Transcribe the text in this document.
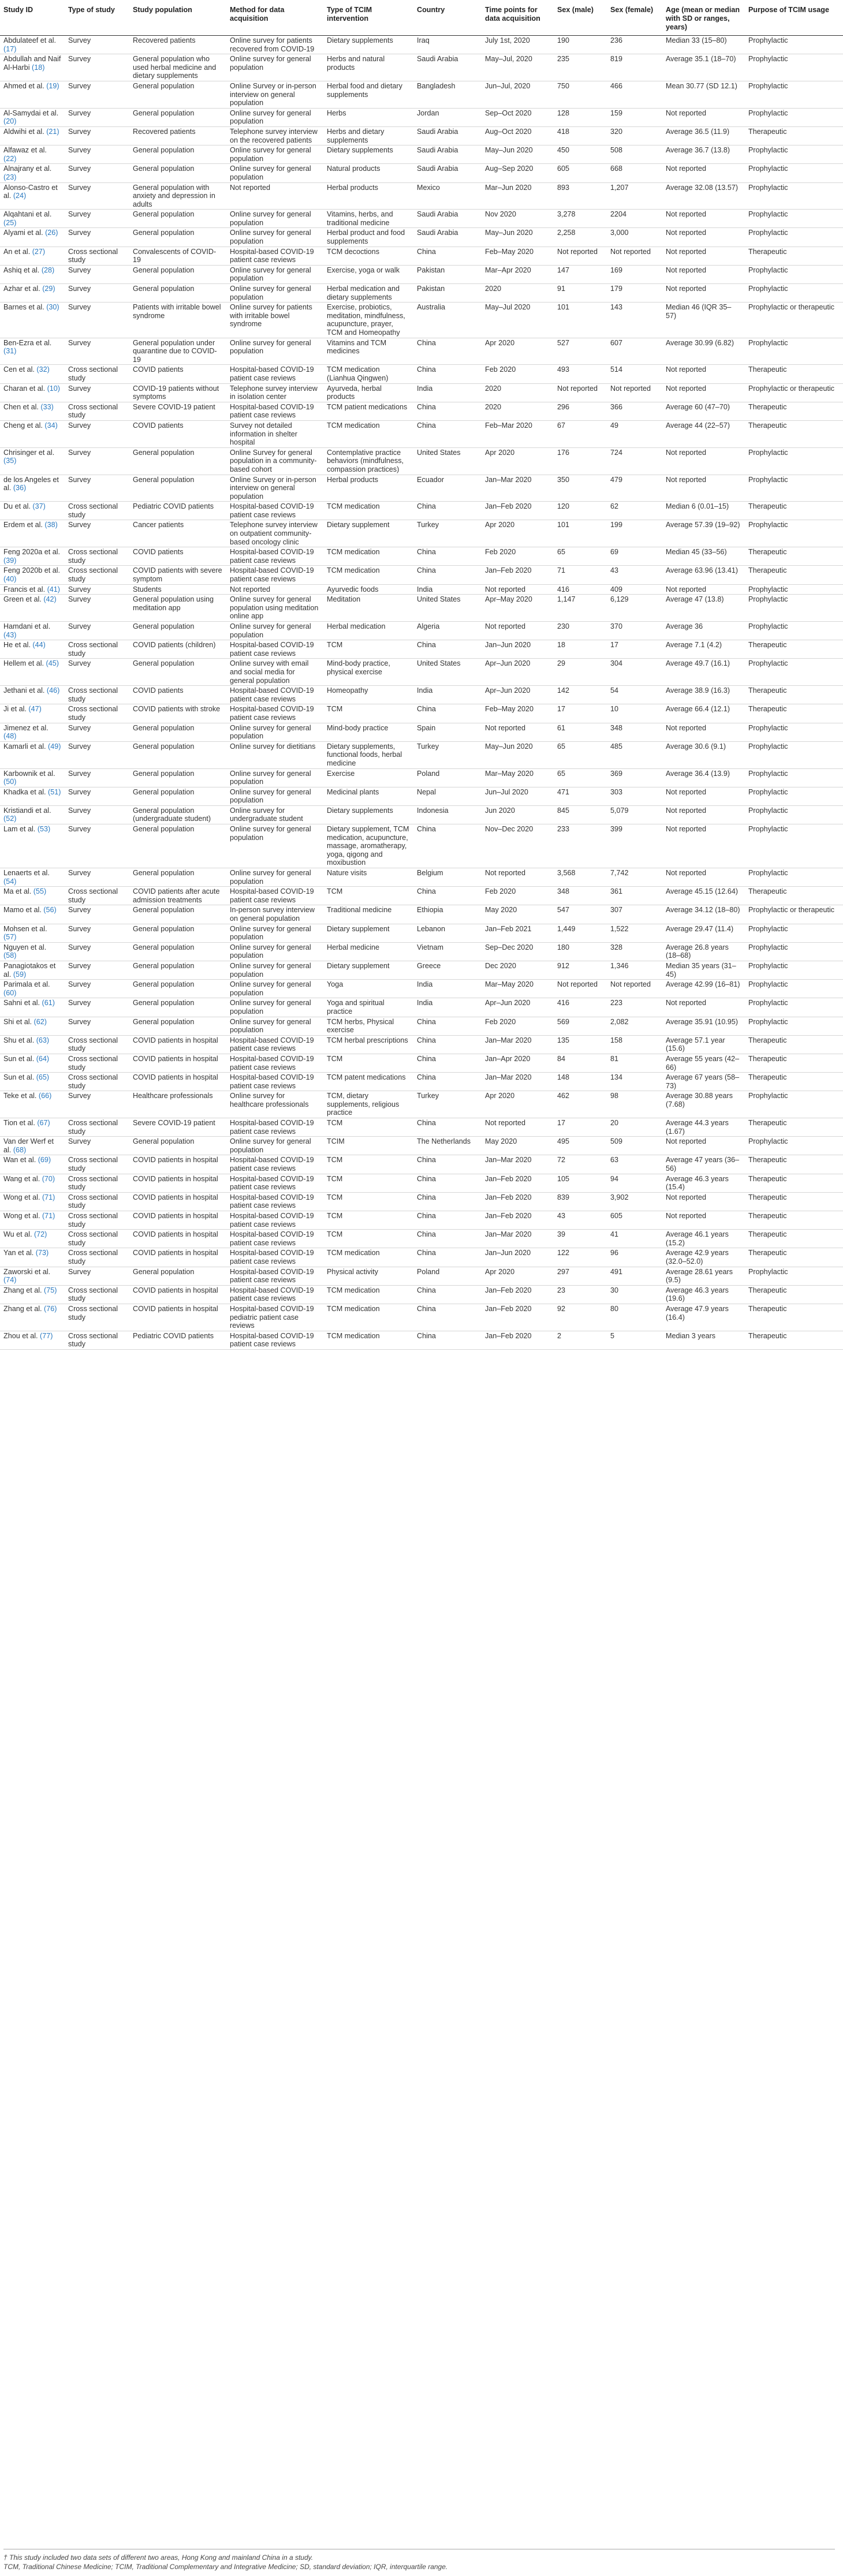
Study ID	Type of study	Study population	Method for data acquisition	Type of TCIM intervention	Country	Time points for data acquisition	Sex (male)	Sex (female)	Age (mean or median with SD or ranges, years)	Purpose of TCIM usage
Abdulateef et al. (17)	Survey	Recovered patients	Online survey for patients recovered from COVID-19	Dietary supplements	Iraq	July 1st, 2020	190	236	Median 33 (15–80)	Prophylactic
Abdullah and Naif Al-Harbi (18)	Survey	General population who used herbal medicine and dietary supplements	Online survey for general population	Herbs and natural products	Saudi Arabia	May–Jul, 2020	235	819	Average 35.1 (18–70)	Prophylactic
Ahmed et al. (19)	Survey	General population	Online Survey or in-person interview on general population	Herbal food and dietary supplements	Bangladesh	Jun–Jul, 2020	750	466	Mean 30.77 (SD 12.1)	Prophylactic
Al-Samydai et al. (20)	Survey	General population	Online survey for general population	Herbs	Jordan	Sep–Oct 2020	128	159	Not reported	Prophylactic
Aldwihi et al. (21)	Survey	Recovered patients	Telephone survey interview on the recovered patients	Herbs and dietary supplements	Saudi Arabia	Aug–Oct 2020	418	320	Average 36.5 (11.9)	Therapeutic
Alfawaz et al. (22)	Survey	General population	Online survey for general population	Dietary supplements	Saudi Arabia	May–Jun 2020	450	508	Average 36.7 (13.8)	Prophylactic
Alnajrany et al. (23)	Survey	General population	Online survey for general population	Natural products	Saudi Arabia	Aug–Sep 2020	605	668	Not reported	Prophylactic
Alonso-Castro et al. (24)	Survey	General population with anxiety and depression in adults	Not reported	Herbal products	Mexico	Mar–Jun 2020	893	1,207	Average 32.08 (13.57)	Prophylactic
Alqahtani et al. (25)	Survey	General population	Online survey for general population	Vitamins, herbs, and traditional medicine	Saudi Arabia	Nov 2020	3,278	2204	Not reported	Prophylactic
Alyami et al. (26)	Survey	General population	Online survey for general population	Herbal product and food supplements	Saudi Arabia	May–Jun 2020	2,258	3,000	Not reported	Prophylactic
An et al. (27)	Cross sectional study	Convalescents of COVID-19	Hospital-based COVID-19 patient case reviews	TCM decoctions	China	Feb–May 2020	Not reported	Not reported	Not reported	Therapeutic
Ashiq et al. (28)	Survey	General population	Online survey for general population	Exercise, yoga or walk	Pakistan	Mar–Apr 2020	147	169	Not reported	Prophylactic
Azhar et al. (29)	Survey	General population	Online survey for general population	Herbal medication and dietary supplements	Pakistan	2020	91	179	Not reported	Prophylactic
Barnes et al. (30)	Survey	Patients with irritable bowel syndrome	Online survey for patients with irritable bowel syndrome	Exercise, probiotics, meditation, mindfulness, acupuncture, prayer, TCM and Homeopathy	Australia	May–Jul 2020	101	143	Median 46 (IQR 35–57)	Prophylactic or therapeutic
Ben-Ezra et al. (31)	Survey	General population under quarantine due to COVID-19	Online survey for general population	Vitamins and TCM medicines	China	Apr 2020	527	607	Average 30.99 (6.82)	Prophylactic
Cen et al. (32)	Cross sectional study	COVID patients	Hospital-based COVID-19 patient case reviews	TCM medication (Lianhua Qingwen)	China	Feb 2020	493	514	Not reported	Therapeutic
Charan et al. (10)	Survey	COVID-19 patients without symptoms	Telephone survey interview in isolation center	Ayurveda, herbal products	India	2020	Not reported	Not reported	Not reported	Prophylactic or therapeutic
Chen et al. (33)	Cross sectional study	Severe COVID-19 patient	Hospital-based COVID-19 patient case reviews	TCM patient medications	China	2020	296	366	Average 60 (47–70)	Therapeutic
Cheng et al. (34)	Survey	COVID patients	Survey not detailed information in shelter hospital	TCM medication	China	Feb–Mar 2020	67	49	Average 44 (22–57)	Therapeutic
Chrisinger et al. (35)	Survey	General population	Online Survey for general population in a community-based cohort	Contemplative practice behaviors (mindfulness, compassion practices)	United States	Apr 2020	176	724	Not reported	Prophylactic
de los Angeles et al. (36)	Survey	General population	Online Survey or in-person interview on general population	Herbal products	Ecuador	Jan–Mar 2020	350	479	Not reported	Prophylactic
Du et al. (37)	Cross sectional study	Pediatric COVID patients	Hospital-based COVID-19 patient case reviews	TCM medication	China	Jan–Feb 2020	120	62	Median 6 (0.01–15)	Therapeutic
Erdem et al. (38)	Survey	Cancer patients	Telephone survey interview on outpatient community-based oncology clinic	Dietary supplement	Turkey	Apr 2020	101	199	Average 57.39 (19–92)	Prophylactic
Feng 2020a et al. (39)	Cross sectional study	COVID patients	Hospital-based COVID-19 patient case reviews	TCM medication	China	Feb 2020	65	69	Median 45 (33–56)	Therapeutic
Feng 2020b et al. (40)	Cross sectional study	COVID patients with severe symptom	Hospital-based COVID-19 patient case reviews	TCM medication	China	Jan–Feb 2020	71	43	Average 63.96 (13.41)	Therapeutic
Francis et al. (41)	Survey	Students	Not reported	Ayurvedic foods	India	Not reported	416	409	Not reported	Prophylactic
Green et al. (42)	Survey	General population using meditation app	Online survey for general population using meditation online app	Meditation	United States	Apr–May 2020	1,147	6,129	Average 47 (13.8)	Prophylactic
Hamdani et al. (43)	Survey	General population	Online survey for general population	Herbal medication	Algeria	Not reported	230	370	Average 36	Prophylactic
He et al. (44)	Cross sectional study	COVID patients (children)	Hospital-based COVID-19 patient case reviews	TCM	China	Jan–Jun 2020	18	17	Average 7.1 (4.2)	Therapeutic
Hellem et al. (45)	Survey	General population	Online survey with email and social media for general population	Mind-body practice, physical exercise	United States	Apr–Jun 2020	29	304	Average 49.7 (16.1)	Prophylactic
Jethani et al. (46)	Cross sectional study	COVID patients	Hospital-based COVID-19 patient case reviews	Homeopathy	India	Apr–Jun 2020	142	54	Average 38.9 (16.3)	Therapeutic
Ji et al. (47)	Cross sectional study	COVID patients with stroke	Hospital-based COVID-19 patient case reviews	TCM	China	Feb–May 2020	17	10	Average 66.4 (12.1)	Therapeutic
Jimenez et al. (48)	Survey	General population	Online survey for general population	Mind-body practice	Spain	Not reported	61	348	Not reported	Prophylactic
Kamarli et al. (49)	Survey	General population	Online survey for dietitians	Dietary supplements, functional foods, herbal medicine	Turkey	May–Jun 2020	65	485	Average 30.6 (9.1)	Prophylactic
Karbownik et al. (50)	Survey	General population	Online survey for general population	Exercise	Poland	Mar–May 2020	65	369	Average 36.4 (13.9)	Prophylactic
Khadka et al. (51)	Survey	General population	Online survey for general population	Medicinal plants	Nepal	Jun–Jul 2020	471	303	Not reported	Prophylactic
Kristiandi et al. (52)	Survey	General population (undergraduate student)	Online survey for undergraduate student	Dietary supplements	Indonesia	Jun 2020	845	5,079	Not reported	Prophylactic
Lam et al. (53)	Survey	General population	Online survey for general population	Dietary supplement, TCM medication, acupuncture, massage, aromatherapy, yoga, qigong and moxibustion	China	Nov–Dec 2020	233	399	Not reported	Prophylactic
Lenaerts et al. (54)	Survey	General population	Online survey for general population	Nature visits	Belgium	Not reported	3,568	7,742	Not reported	Prophylactic
Ma et al. (55)	Cross sectional study	COVID patients after acute admission treatments	Hospital-based COVID-19 patient case reviews	TCM	China	Feb 2020	348	361	Average 45.15 (12.64)	Therapeutic
Mamo et al. (56)	Survey	General population	In-person survey interview on general population	Traditional medicine	Ethiopia	May 2020	547	307	Average 34.12 (18–80)	Prophylactic or therapeutic
Mohsen et al. (57)	Survey	General population	Online survey for general population	Dietary supplement	Lebanon	Jan–Feb 2021	1,449	1,522	Average 29.47 (11.4)	Prophylactic
Nguyen et al. (58)	Survey	General population	Online survey for general population	Herbal medicine	Vietnam	Sep–Dec 2020	180	328	Average 26.8 years (18–68)	Prophylactic
Panagiotakos et al. (59)	Survey	General population	Online survey for general population	Dietary supplement	Greece	Dec 2020	912	1,346	Median 35 years (31–45)	Prophylactic
Parimala et al. (60)	Survey	General population	Online survey for general population	Yoga	India	Mar–May 2020	Not reported	Not reported	Average 42.99 (16–81)	Prophylactic
Sahni et al. (61)	Survey	General population	Online survey for general population	Yoga and spiritual practice	India	Apr–Jun 2020	416	223	Not reported	Prophylactic
Shi et al. (62)	Survey	General population	Online survey for general population	TCM herbs, Physical exercise	China	Feb 2020	569	2,082	Average 35.91 (10.95)	Prophylactic
Shu et al. (63)	Cross sectional study	COVID patients in hospital	Hospital-based COVID-19 patient case reviews	TCM herbal prescriptions	China	Jan–Mar 2020	135	158	Average 57.1 year (15.6)	Therapeutic
Sun et al. (64)	Cross sectional study	COVID patients in hospital	Hospital-based COVID-19 patient case reviews	TCM	China	Jan–Apr 2020	84	81	Average 55 years (42–66)	Therapeutic
Sun et al. (65)	Cross sectional study	COVID patients in hospital	Hospital-based COVID-19 patient case reviews	TCM patent medications	China	Jan–Mar 2020	148	134	Average 67 years (58–73)	Therapeutic
Teke et al. (66)	Survey	Healthcare professionals	Online survey for healthcare professionals	TCM, dietary supplements, religious practice	Turkey	Apr 2020	462	98	Average 30.88 years (7.68)	Prophylactic
Tion et al. (67)	Cross sectional study	Severe COVID-19 patient	Hospital-based COVID-19 patient case reviews	TCM	China	Not reported	17	20	Average 44.3 years (1.67)	Therapeutic
Van der Werf et al. (68)	Survey	General population	Online survey for general population	TCIM	The Netherlands	May 2020	495	509	Not reported	Prophylactic
Wan et al. (69)	Cross sectional study	COVID patients in hospital	Hospital-based COVID-19 patient case reviews	TCM	China	Jan–Mar 2020	72	63	Average 47 years (36–56)	Therapeutic
Wang et al. (70)	Cross sectional study	COVID patients in hospital	Hospital-based COVID-19 patient case reviews	TCM	China	Jan–Feb 2020	105	94	Average 46.3 years (15.4)	Therapeutic
Wong et al. (71)	Cross sectional study	COVID patients in hospital	Hospital-based COVID-19 patient case reviews	TCM	China	Jan–Feb 2020	839	3,902	Not reported	Therapeutic
Wong et al. (71)	Cross sectional study	COVID patients in hospital	Hospital-based COVID-19 patient case reviews	TCM	China	Jan–Feb 2020	43	605	Not reported	Therapeutic
Wu et al. (72)	Cross sectional study	COVID patients in hospital	Hospital-based COVID-19 patient case reviews	TCM	China	Jan–Mar 2020	39	41	Average 46.1 years (15.2)	Therapeutic
Yan et al. (73)	Cross sectional study	COVID patients in hospital	Hospital-based COVID-19 patient case reviews	TCM medication	China	Jan–Jun 2020	122	96	Average 42.9 years (32.0–52.0)	Therapeutic
Zaworski et al. (74)	Survey	General population	Hospital-based COVID-19 patient case reviews	Physical activity	Poland	Apr 2020	297	491	Average 28.61 years (9.5)	Prophylactic
Zhang et al. (75)	Cross sectional study	COVID patients in hospital	Hospital-based COVID-19 patient case reviews	TCM medication	China	Jan–Feb 2020	23	30	Average 46.3 years (19.6)	Therapeutic
Zhang et al. (76)	Cross sectional study	COVID patients in hospital	Hospital-based COVID-19 pediatric patient case reviews	TCM medication	China	Jan–Feb 2020	92	80	Average 47.9 years (16.4)	Therapeutic
Zhou et al. (77)	Cross sectional study	Pediatric COVID patients	Hospital-based COVID-19 patient case reviews	TCM medication	China	Jan–Feb 2020	2	5	Median 3 years	Therapeutic

† This study included two data sets of different two areas, Hong Kong and mainland China in a study.

TCM, Traditional Chinese Medicine; TCIM, Traditional Complementary and Integrative Medicine; SD, standard deviation; IQR, interquartile range.
